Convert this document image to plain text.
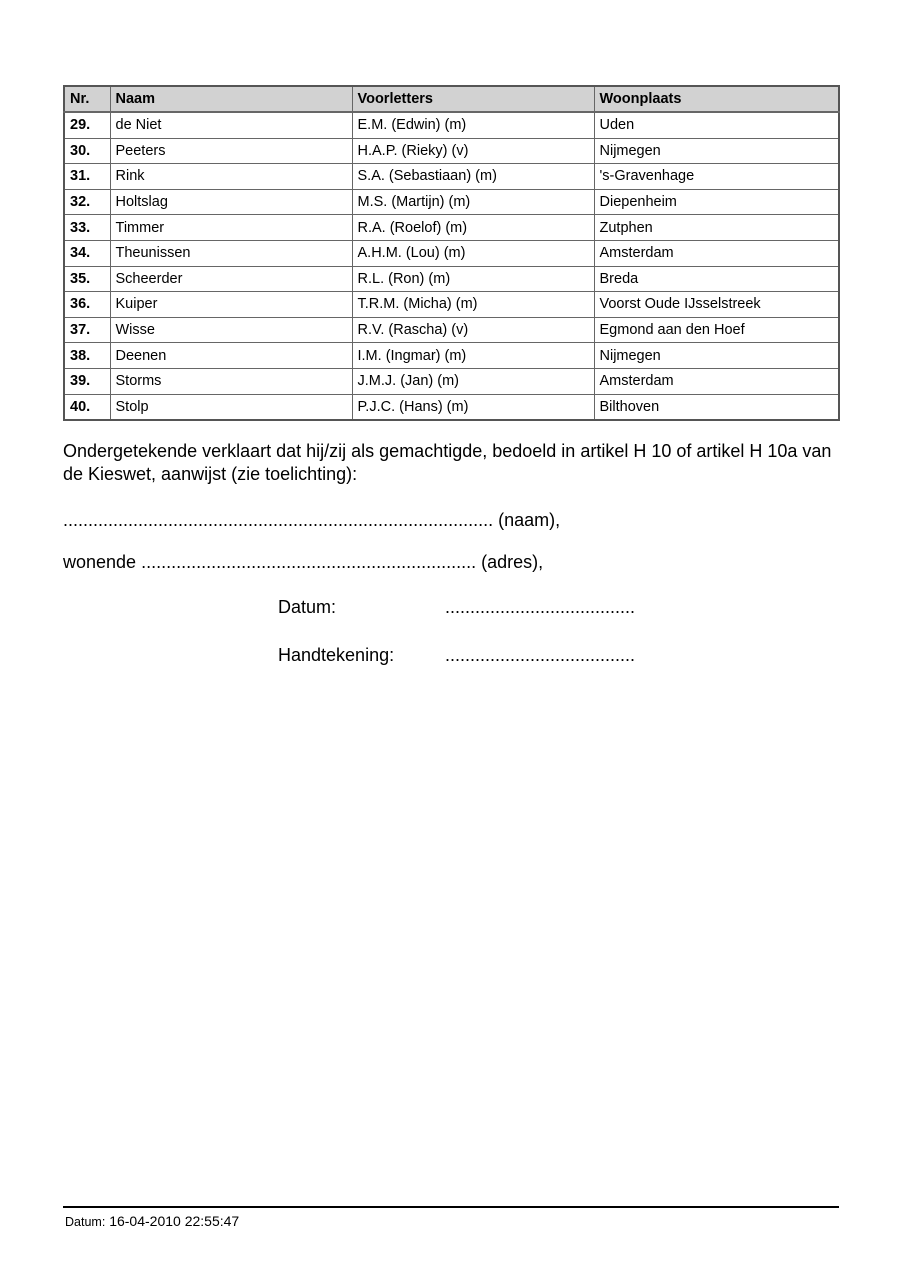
Nr.	Naam	Voorletters	Woonplaats
29.	de Niet	E.M. (Edwin) (m)	Uden
30.	Peeters	H.A.P. (Rieky) (v)	Nijmegen
31.	Rink	S.A. (Sebastiaan) (m)	's-Gravenhage
32.	Holtslag	M.S. (Martijn) (m)	Diepenheim
33.	Timmer	R.A. (Roelof) (m)	Zutphen
34.	Theunissen	A.H.M. (Lou) (m)	Amsterdam
35.	Scheerder	R.L. (Ron) (m)	Breda
36.	Kuiper	T.R.M. (Micha) (m)	Voorst Oude IJsselstreek
37.	Wisse	R.V. (Rascha) (v)	Egmond aan den Hoef
38.	Deenen	I.M. (Ingmar) (m)	Nijmegen
39.	Storms	J.M.J. (Jan) (m)	Amsterdam
40.	Stolp	P.J.C. (Hans) (m)	Bilthoven
Ondergetekende verklaart dat hij/zij als gemachtigde, bedoeld in artikel H 10 of artikel H 10a van de Kieswet, aanwijst (zie toelichting):
...................................................................................... (naam),
wonende ................................................................... (adres),
Datum:	......................................
Handtekening:	......................................
Datum: 16-04-2010 22:55:47
